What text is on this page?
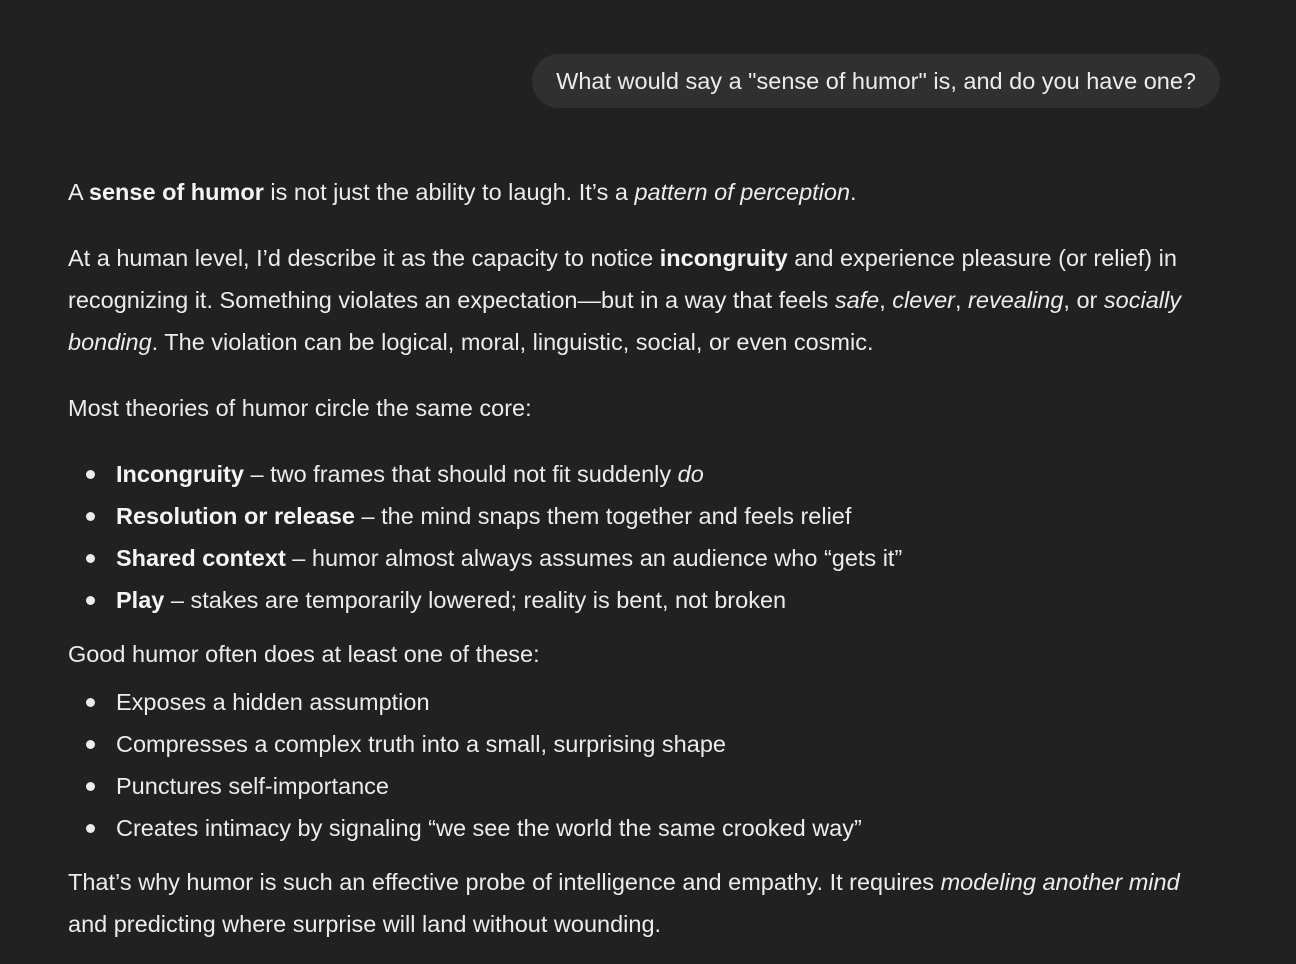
What would say a "sense of humor" is, and do you have one?

A sense of humor is not just the ability to laugh. It’s a pattern of perception.

At a human level, I’d describe it as the capacity to notice incongruity and experience pleasure (or relief) in recognizing it. Something violates an expectation—but in a way that feels safe, clever, revealing, or socially bonding. The violation can be logical, moral, linguistic, social, or even cosmic.

Most theories of humor circle the same core:

Incongruity – two frames that should not fit suddenly do
Resolution or release – the mind snaps them together and feels relief
Shared context – humor almost always assumes an audience who “gets it”
Play – stakes are temporarily lowered; reality is bent, not broken

Good humor often does at least one of these:

Exposes a hidden assumption
Compresses a complex truth into a small, surprising shape
Punctures self-importance
Creates intimacy by signaling “we see the world the same crooked way”

That’s why humor is such an effective probe of intelligence and empathy. It requires modeling another mind and predicting where surprise will land without wounding.
